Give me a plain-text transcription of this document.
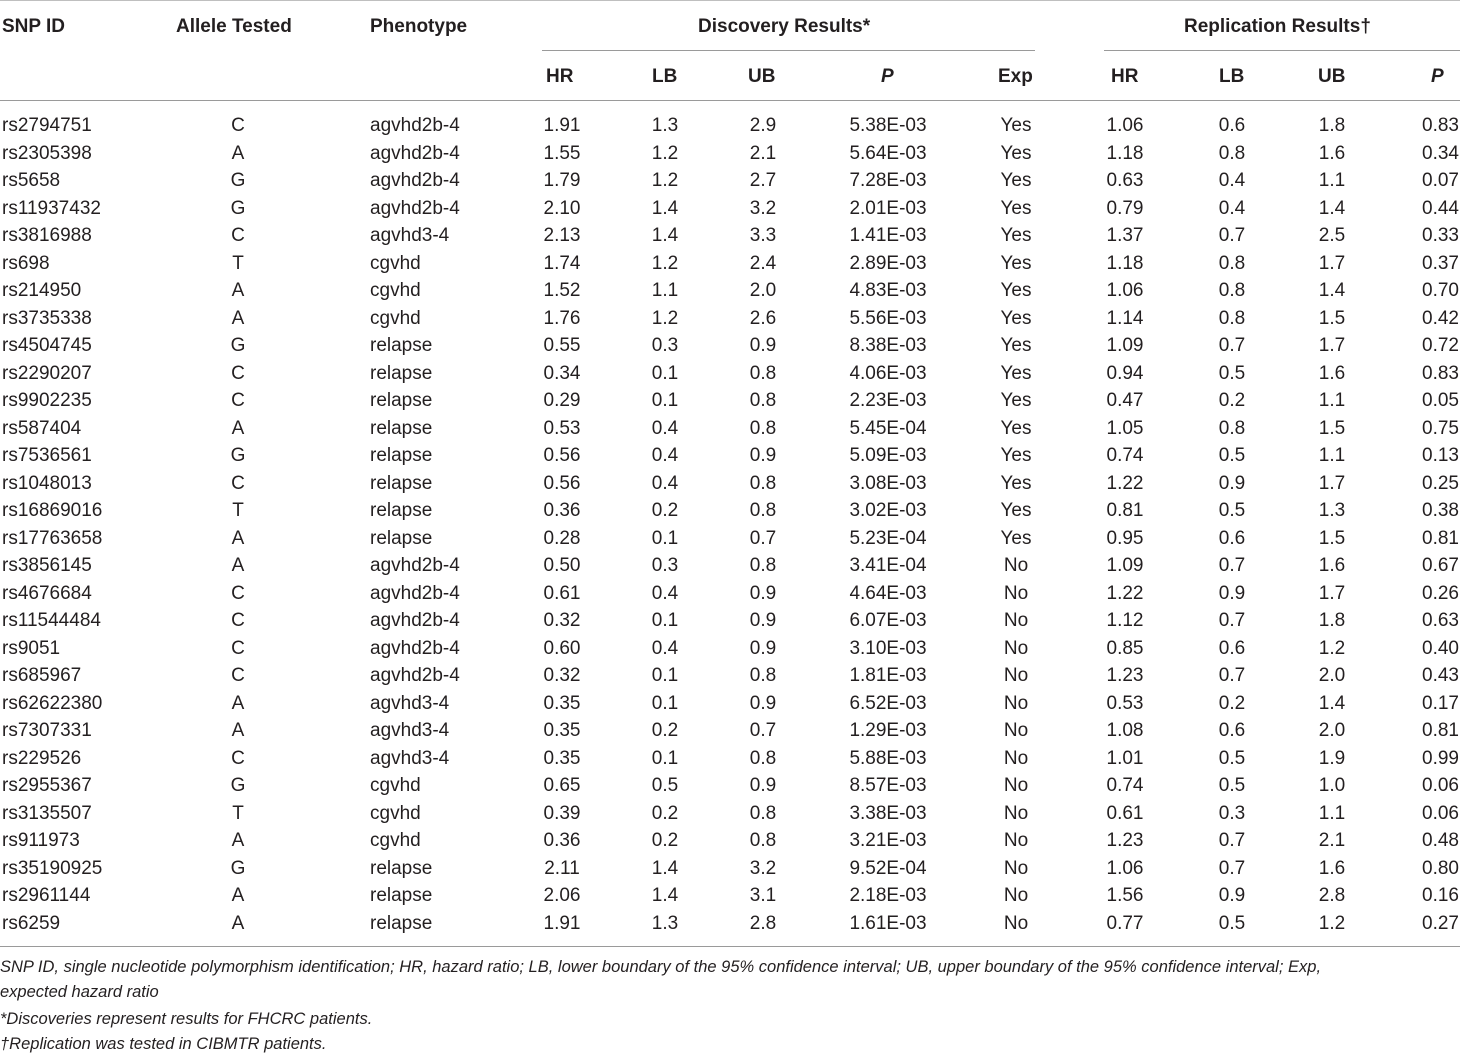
SNP ID	Allele Tested	Phenotype	Discovery Results*	Replication Results†
HR	LB	UB	P	Exp	HR	LB	UB	P
rs2794751	C	agvhd2b-4	1.91	1.3	2.9	5.38E-03	Yes	1.06	0.6	1.8	0.83
rs2305398	A	agvhd2b-4	1.55	1.2	2.1	5.64E-03	Yes	1.18	0.8	1.6	0.34
rs5658	G	agvhd2b-4	1.79	1.2	2.7	7.28E-03	Yes	0.63	0.4	1.1	0.07
rs11937432	G	agvhd2b-4	2.10	1.4	3.2	2.01E-03	Yes	0.79	0.4	1.4	0.44
rs3816988	C	agvhd3-4	2.13	1.4	3.3	1.41E-03	Yes	1.37	0.7	2.5	0.33
rs698	T	cgvhd	1.74	1.2	2.4	2.89E-03	Yes	1.18	0.8	1.7	0.37
rs214950	A	cgvhd	1.52	1.1	2.0	4.83E-03	Yes	1.06	0.8	1.4	0.70
rs3735338	A	cgvhd	1.76	1.2	2.6	5.56E-03	Yes	1.14	0.8	1.5	0.42
rs4504745	G	relapse	0.55	0.3	0.9	8.38E-03	Yes	1.09	0.7	1.7	0.72
rs2290207	C	relapse	0.34	0.1	0.8	4.06E-03	Yes	0.94	0.5	1.6	0.83
rs9902235	C	relapse	0.29	0.1	0.8	2.23E-03	Yes	0.47	0.2	1.1	0.05
rs587404	A	relapse	0.53	0.4	0.8	5.45E-04	Yes	1.05	0.8	1.5	0.75
rs7536561	G	relapse	0.56	0.4	0.9	5.09E-03	Yes	0.74	0.5	1.1	0.13
rs1048013	C	relapse	0.56	0.4	0.8	3.08E-03	Yes	1.22	0.9	1.7	0.25
rs16869016	T	relapse	0.36	0.2	0.8	3.02E-03	Yes	0.81	0.5	1.3	0.38
rs17763658	A	relapse	0.28	0.1	0.7	5.23E-04	Yes	0.95	0.6	1.5	0.81
rs3856145	A	agvhd2b-4	0.50	0.3	0.8	3.41E-04	No	1.09	0.7	1.6	0.67
rs4676684	C	agvhd2b-4	0.61	0.4	0.9	4.64E-03	No	1.22	0.9	1.7	0.26
rs11544484	C	agvhd2b-4	0.32	0.1	0.9	6.07E-03	No	1.12	0.7	1.8	0.63
rs9051	C	agvhd2b-4	0.60	0.4	0.9	3.10E-03	No	0.85	0.6	1.2	0.40
rs685967	C	agvhd2b-4	0.32	0.1	0.8	1.81E-03	No	1.23	0.7	2.0	0.43
rs62622380	A	agvhd3-4	0.35	0.1	0.9	6.52E-03	No	0.53	0.2	1.4	0.17
rs7307331	A	agvhd3-4	0.35	0.2	0.7	1.29E-03	No	1.08	0.6	2.0	0.81
rs229526	C	agvhd3-4	0.35	0.1	0.8	5.88E-03	No	1.01	0.5	1.9	0.99
rs2955367	G	cgvhd	0.65	0.5	0.9	8.57E-03	No	0.74	0.5	1.0	0.06
rs3135507	T	cgvhd	0.39	0.2	0.8	3.38E-03	No	0.61	0.3	1.1	0.06
rs911973	A	cgvhd	0.36	0.2	0.8	3.21E-03	No	1.23	0.7	2.1	0.48
rs35190925	G	relapse	2.11	1.4	3.2	9.52E-04	No	1.06	0.7	1.6	0.80
rs2961144	A	relapse	2.06	1.4	3.1	2.18E-03	No	1.56	0.9	2.8	0.16
rs6259	A	relapse	1.91	1.3	2.8	1.61E-03	No	0.77	0.5	1.2	0.27
SNP ID, single nucleotide polymorphism identification; HR, hazard ratio; LB, lower boundary of the 95% confidence interval; UB, upper boundary of the 95% confidence interval; Exp,
expected hazard ratio
*Discoveries represent results for FHCRC patients.
†Replication was tested in CIBMTR patients.
